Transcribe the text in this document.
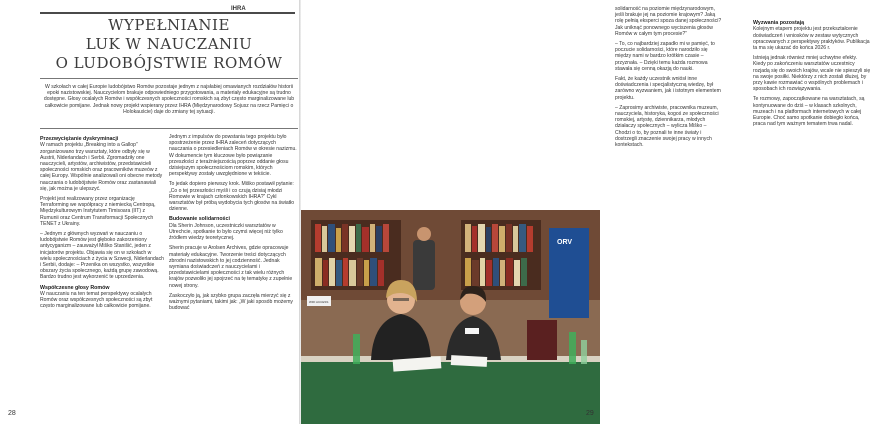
IHRA
WYPEŁNIANIE
LUK W NAUCZANIU
O LUDOBÓJSTWIE ROMÓW

W szkołach w całej Europie ludobójstwo Romów pozostaje jednym z najsłabiej omawianych rozdziałów historii epoki nazistowskiej. Nauczycielom brakuje odpowiedniego przygotowania, a materiały edukacyjne są trudno dostępne. Głosy ocalałych Romów i współczesnych społeczności romskich są zbyt często marginalizowane lub całkowicie pomijane. Jednak nowy projekt wspierany przez IHRA (Międzynarodowy Sojusz na rzecz Pamięci o Holokauście) daje do zmiany tej sytuacji.

Przezwyciężanie dyskryminacji

W ramach projektu „Breaking into a Gallop” zorganizowano trzy warsztaty, które odbyły się w Austrii, Niderlandach i Serbii. Zgromadziły one nauczycieli, artystów, archiwistów, przedstawicieli społeczności romskich oraz pracowników muzeów z całej Europy. Wspólnie analizowali oni obecne metody nauczania o ludobójstwie Romów oraz zastanawiali się, jak można je ulepszyć.

Projekt jest realizowany przez organizację Terraforming we współpracy z niemiecką Centropą, Międzykulturowym Instytutem Timisoara (IIT) z Rumunii oraz Centrum Transformacji Społecznych TENET z Ukrainy.

– Jednym z głównych wyzwań w nauczaniu o ludobójstwie Romów jest głęboko zakorzeniony antycyganizm – zauważył Miško Stanišić, jeden z inicjatorów projektu. Objawia się on w szkołach w wielu społecznościach z życia w Szwecji, Niderlandach i Serbii, dodaje: – Przenika on wszystko, wszystkie obszary życia społecznego, każdą grupę zawodową. Bardzo trudno jest wykorzenić te uprzedzenia.

Współczesne głosy Romów

W nauczaniu na ten temat perspektywy ocalałych Romów oraz współczesnych społeczności są zbyt często marginalizowane lub całkowicie pomijane.

Jednym z impulsów do powstania tego projektu było spostrzeżenie przez IHRA zaleceń dotyczących nauczania o przesiedleniach Romów w okresie nazizmu. W dokumencie tym kluczowe było powiązanie przeszłości z teraźniejszością poprzez oddanie głosu dzisiejszym społecznościom romskim, których perspektywy zostały uwzględnione w tekście.

To jedak dopiero pierwszy krok. Miško postawił pytanie: „Co o tej przeszłości myśli i co czują dzisiaj młodzi Romowie w krajach członkowskich IHRA?” Cykl warsztatów był próbą wydobycia tych głosów na światło dzienne.

Budowanie solidarności

Dla Sherin Johnson, uczestniczki warsztatów w Utrechcie, spotkanie to było czymś więcej niż tylko źródłem wiedzy teoretycznej.

Sherin pracuje w Arolsen Archives, gdzie opracowuje materiały edukacyjne. Tworzenie treści dotyczących zbrodni nazistowskich to jej codzienność. Jednak wymiana doświadczeń z nauczycielami i przedstawicielami społeczności z tak wielu różnych krajów pozwoliło jej spojrzeć na tę tematykę z zupełnie nowej strony.

Zaskoczyło ją, jak szybko grupa zaczęła mierzyć się z ważnymi pytaniami, takimi jak: „W jaki sposób możemy budować

28

solidarność na poziomie międzynarodowym, jeśli brakuje jej na poziomie krajowym? Jaką rolę pełnią eksperci spoza danej społeczności? Jak uniknąć ponownego wyciszenia głosów Romów w całym tym procesie?”

– To, co najbardziej zapadło mi w pamięć, to poczucie solidarności, które narodziło się między nami w bardzo krótkim czasie – przyznała. – Dzięki temu każda rozmowa stawała się cenną okazją do nauki.

Fakt, że każdy uczestnik wniósł inne doświadczenia i specjalistyczną wiedzę, był zarówno wyzwaniem, jak i istotnym elementem projektu.

– Zaprosimy archiwiste, pracownika muzeum, nauczyciela, historyka, kogoś ze społeczności romskiej, artystę, dziennikarza, młodych działaczy społecznych – wylicza Miško – Chodzi o to, by poznali te inne światy i dostrzegli znaczenie swojej pracy w innych kontekstach.

Wyzwania pozostają

Kolejnym etapem projektu jest przekształcenie doświadczeń i wniosków w zestaw wytycznych opracowanych z perspektywy praktyków. Publikacja ta ma się ukazać do końca 2026 r.

Istnieją jednak również mniej uchwytne efekty. Kiedy po zakończeniu warsztatów uczestnicy rozjadą się do swoich krajów, wcale nie spieszyli się na swoje posiłki. Niektórzy z nich zostali dłużej, by przy kawie rozmawiać o wspólnych problemach i sposobach ich rozwiązywania.

Te rozmowy, zapoczątkowane na warsztatach, są kontynuowane do dziś – w klasach szkolnych, muzeach i na platformach internetowych w całej Europie. Choć samo spotkanie dobiegło końca, praca nad tym ważnym tematem trwa nadal.

ORV
WIFI ACCESS
29
